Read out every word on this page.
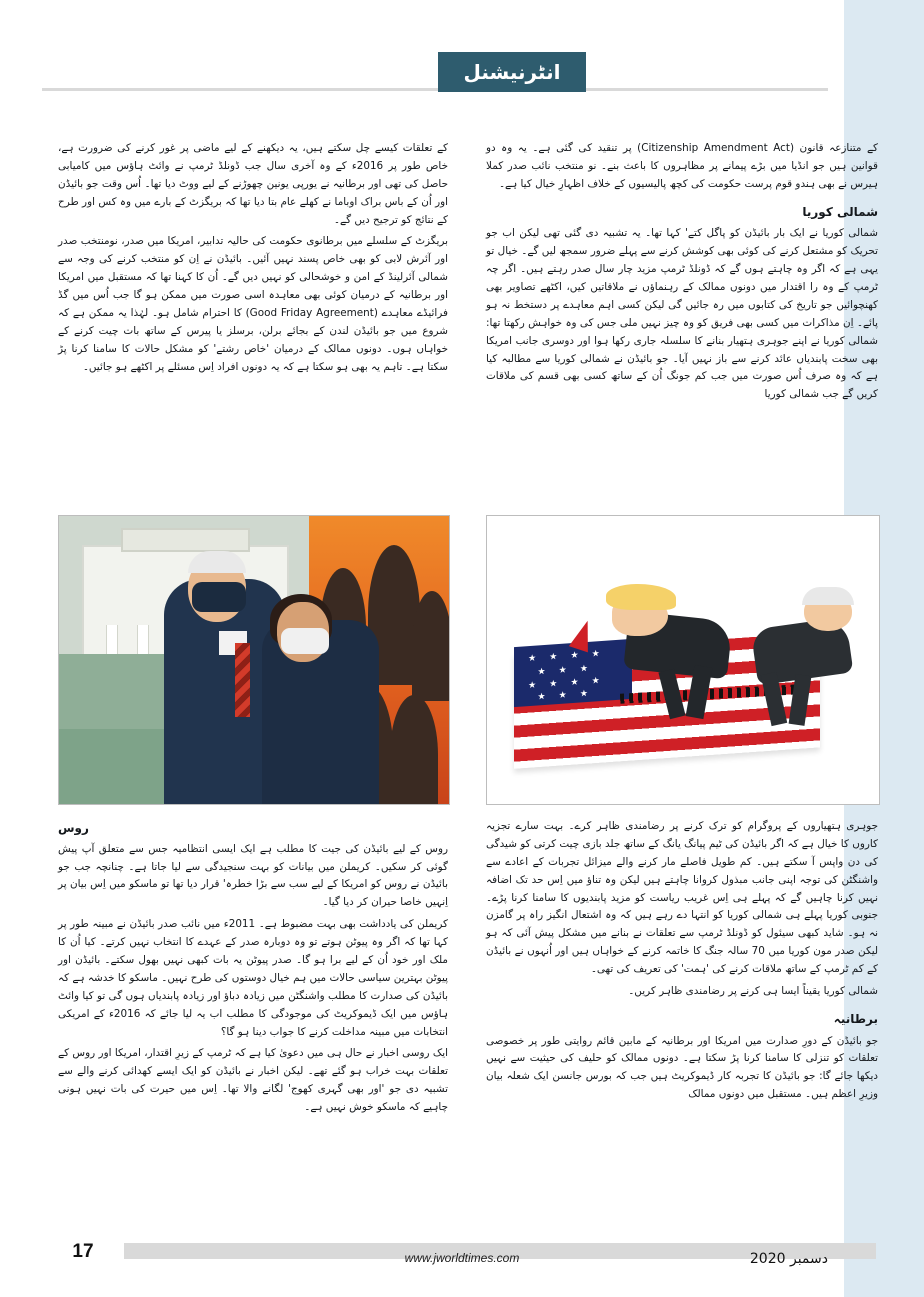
انٹرنیشنل

کے تعلقات کیسے چل سکتے ہیں، یہ دیکھنے کے لیے ماضی پر غور کرنے کی ضرورت ہے، خاص طور پر 2016ء کے وہ آخری سال جب ڈونلڈ ٹرمپ نے وائٹ ہاؤس میں کامیابی حاصل کی تھی اور برطانیہ نے یورپی یونین چھوڑنے کے لیے ووٹ دیا تھا۔ اُس وقت جو بائیڈن اور اُن کے باس براک اوباما نے کھلے عام بتا دیا تھا کہ بریگزٹ کے بارے میں وہ کس اور طرح کے نتائج کو ترجیح دیں گے۔

بریگزٹ کے سلسلے میں برطانوی حکومت کی حالیہ تدابیر، امریکا میں صدر، نومنتخب صدر اور آئرش لابی کو بھی خاص پسند نہیں آئیں۔ بائیڈن نے اِن کو منتخب کرنے کی وجہ سے شمالی آئرلینڈ کے امن و خوشحالی کو نہیں دیں گے۔ اُن کا کہنا تھا کہ مستقبل میں امریکا اور برطانیہ کے درمیان کوئی بھی معاہدہ اسی صورت میں ممکن ہو گا جب اُس میں گڈ فرائیڈے معاہدے (Good Friday Agreement) کا احترام شامل ہو۔ لہٰذا یہ ممکن ہے کہ شروع میں جو بائیڈن لندن کے بجائے برلن، برسلز یا پیرس کے ساتھ بات چیت کرنے کے خواہاں ہوں۔ دونوں ممالک کے درمیان 'خاص رشتے' کو مشکل حالات کا سامنا کرنا پڑ سکتا ہے۔ تاہم یہ بھی ہو سکتا ہے کہ یہ دونوں افراد اِس مسئلے پر اکٹھے ہو جائیں۔

کے متنازعہ قانون (Citizenship Amendment Act) پر تنقید کی گئی ہے۔ یہ وہ دو قوانین ہیں جو انڈیا میں بڑے پیمانے پر مظاہروں کا باعث بنے۔ نو منتخب نائب صدر کملا ہیرس نے بھی ہندو قوم پرست حکومت کی کچھ پالیسیوں کے خلاف اظہارِ خیال کیا ہے۔

شمالی کوریا

شمالی کوریا نے ایک بار بائیڈن کو پاگل کتے' کہا تھا۔ یہ تشبیہ دی گئی تھی لیکن اب جو تحریک کو مشتعل کرنے کی کوئی بھی کوشش کرنے سے پہلے ضرور سمجھ لیں گے۔ خیال تو یہی ہے کہ اگر وہ چاہتے ہوں گے کہ ڈونلڈ ٹرمپ مزید چار سال صدر رہتے ہیں۔ اگر چہ ٹرمپ کے وہ را اقتدار میں دونوں ممالک کے رہنماؤں نے ملاقاتیں کیں، اکٹھے تصاویر بھی کھنچوائیں جو تاریخ کی کتابوں میں رہ جائیں گی لیکن کسی اہم معاہدے پر دستخط نہ ہو پائے۔ اِن مذاکرات میں کسی بھی فریق کو وہ چیز نہیں ملی جس کی وہ خواہش رکھتا تھا: شمالی کوریا نے اپنے جوہری ہتھیار بنانے کا سلسلہ جاری رکھا ہوا اور دوسری جانب امریکا بھی سخت پابندیاں عائد کرنے سے باز نہیں آیا۔ جو بائیڈن نے شمالی کوریا سے مطالبہ کیا ہے کہ وہ صرف اُس صورت میں جب کم جونگ اُن کے ساتھ کسی بھی قسم کی ملاقات کریں گے جب شمالی کوریا

★ ★ ★ ★
★ ★ ★
★ ★ ★ ★
★ ★ ★
روس

روس کے لیے بائیڈن کی جیت کا مطلب ہے ایک ایسی انتظامیہ جس سے متعلق آپ پیش گوئی کر سکیں۔ کریملن میں بیانات کو بہت سنجیدگی سے لیا جاتا ہے۔ چنانچہ جب جو بائیڈن نے روس کو امریکا کے لیے سب سے بڑا خطرہ' قرار دیا تھا تو ماسکو میں اِس بیان پر اِنہیں خاصا حیران کر دیا گیا۔

کریملن کی یادداشت بھی بہت مضبوط ہے۔ 2011ء میں نائب صدر بائیڈن نے مبینہ طور پر کہا تھا کہ اگر وہ پیوٹن ہوتے تو وہ دوبارہ صدر کے عہدے کا انتخاب نہیں کرتے۔ کیا اُن کا ملک اور خود اُن کے لیے برا ہو گا۔ صدر پیوٹن یہ بات کبھی نہیں بھول سکتے۔ بائیڈن اور پیوٹن بہترین سیاسی حالات میں ہم خیال دوستوں کی طرح نہیں۔ ماسکو کا خدشہ ہے کہ بائیڈن کی صدارت کا مطلب واشنگٹن میں زیادہ دباؤ اور زیادہ پابندیاں ہوں گی تو کیا وائٹ ہاؤس میں ایک ڈیموکریٹ کی موجودگی کا مطلب اب یہ لیا جائے کہ 2016ء کے امریکی انتخابات میں مبینہ مداخلت کرنے کا جواب دینا ہو گا؟

ایک روسی اخبار نے حال ہی میں دعویٰ کیا ہے کہ ٹرمپ کے زیرِ اقتدار، امریکا اور روس کے تعلقات بہت خراب ہو گئے تھے۔ لیکن اخبار نے بائیڈن کو ایک ایسے کھدائی کرنے والے سے تشبیہ دی جو 'اور بھی گہری کھوج' لگانے والا تھا۔ اِس میں حیرت کی بات نہیں ہونی چاہیے کہ ماسکو خوش نہیں ہے۔

جوہری ہتھیاروں کے پروگرام کو ترک کرنے پر رضامندی ظاہر کرے۔ بہت سارے تجزیہ کاروں کا خیال ہے کہ اگر بائیڈن کی ٹیم پیانگ یانگ کے ساتھ جلد بازی چیت کرتی کو شیدگی کی دن واپس آ سکتے ہیں۔ کم طویل فاصلے مار کرنے والے میزائل تجربات کے اعادے سے واشنگٹن کی توجہ اپنی جانب مبذول کروانا چاہتے ہیں لیکن وہ تناؤ میں اِس حد تک اضافہ نہیں کرنا چاہیں گے کہ پہلے ہی اِس غریب ریاست کو مزید پابندیوں کا سامنا کرنا پڑے۔ جنوبی کوریا پہلے ہی شمالی کوریا کو انتہا دے رہے ہیں کہ وہ اشتعال انگیز راہ پر گامزن نہ ہو۔ شاید کبھی سیئول کو ڈونلڈ ٹرمپ سے تعلقات نے بنانے میں مشکل پیش آئی کہ ہو لیکن صدر مون کوریا میں 70 سالہ جنگ کا خاتمہ کرنے کے خواہاں ہیں اور اُنہوں نے بائیڈن کے کم ٹرمپ کے ساتھ ملاقات کرنے کی 'ہمت' کی تعریف کی تھی۔

شمالی کوریا یقیناً ایسا ہی کرنے پر رضامندی ظاہر کریں۔

برطانیہ

جو بائیڈن کے دورِ صدارت میں امریکا اور برطانیہ کے مابین قائم روایتی طور پر خصوصی تعلقات کو تنزلی کا سامنا کرنا پڑ سکتا ہے۔ دونوں ممالک کو حلیف کی حیثیت سے نہیں دیکھا جائے گا: جو بائیڈن کا تجربہ کار ڈیموکریٹ ہیں جب کہ بورس جانسن ایک شعلہ بیان وزیرِ اعظم ہیں۔ مستقبل میں دونوں ممالک

17	www.jworldtimes.com	دسمبر 2020
